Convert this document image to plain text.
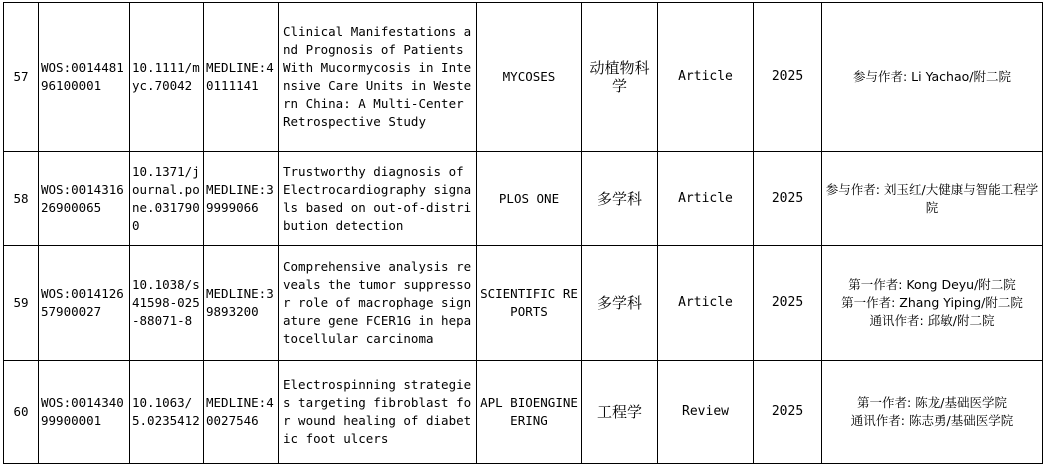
57	WOS:001448196100001	10.1111/myc.70042	MEDLINE:40111141	Clinical Manifestations and Prognosis of Patients With Mucormycosis in Intensive Care Units in Western China: A Multi-Center Retrospective Study	MYCOSES	动植物科学	Article	2025	参与作者: Li Yachao/附二院

58	WOS:001431626900065	10.1371/journal.pone.0317900	MEDLINE:39999066	Trustworthy diagnosis of Electrocardiography signals based on out-of-distribution detection	PLOS ONE	多学科	Article	2025	参与作者: 刘玉红/大健康与智能工程学院

59	WOS:001412657900027	10.1038/s41598-025-88071-8	MEDLINE:39893200	Comprehensive analysis reveals the tumor suppressor role of macrophage signature gene FCER1G in hepatocellular carcinoma	SCIENTIFIC REPORTS	多学科	Article	2025	第一作者: Kong Deyu/附二院
第一作者: Zhang Yiping/附二院
通讯作者: 邱敏/附二院

60	WOS:001434099900001	10.1063/5.0235412	MEDLINE:40027546	Electrospinning strategies targeting fibroblast for wound healing of diabetic foot ulcers	APL BIOENGINEERING	工程学	Review	2025	第一作者: 陈龙/基础医学院
通讯作者: 陈志勇/基础医学院
